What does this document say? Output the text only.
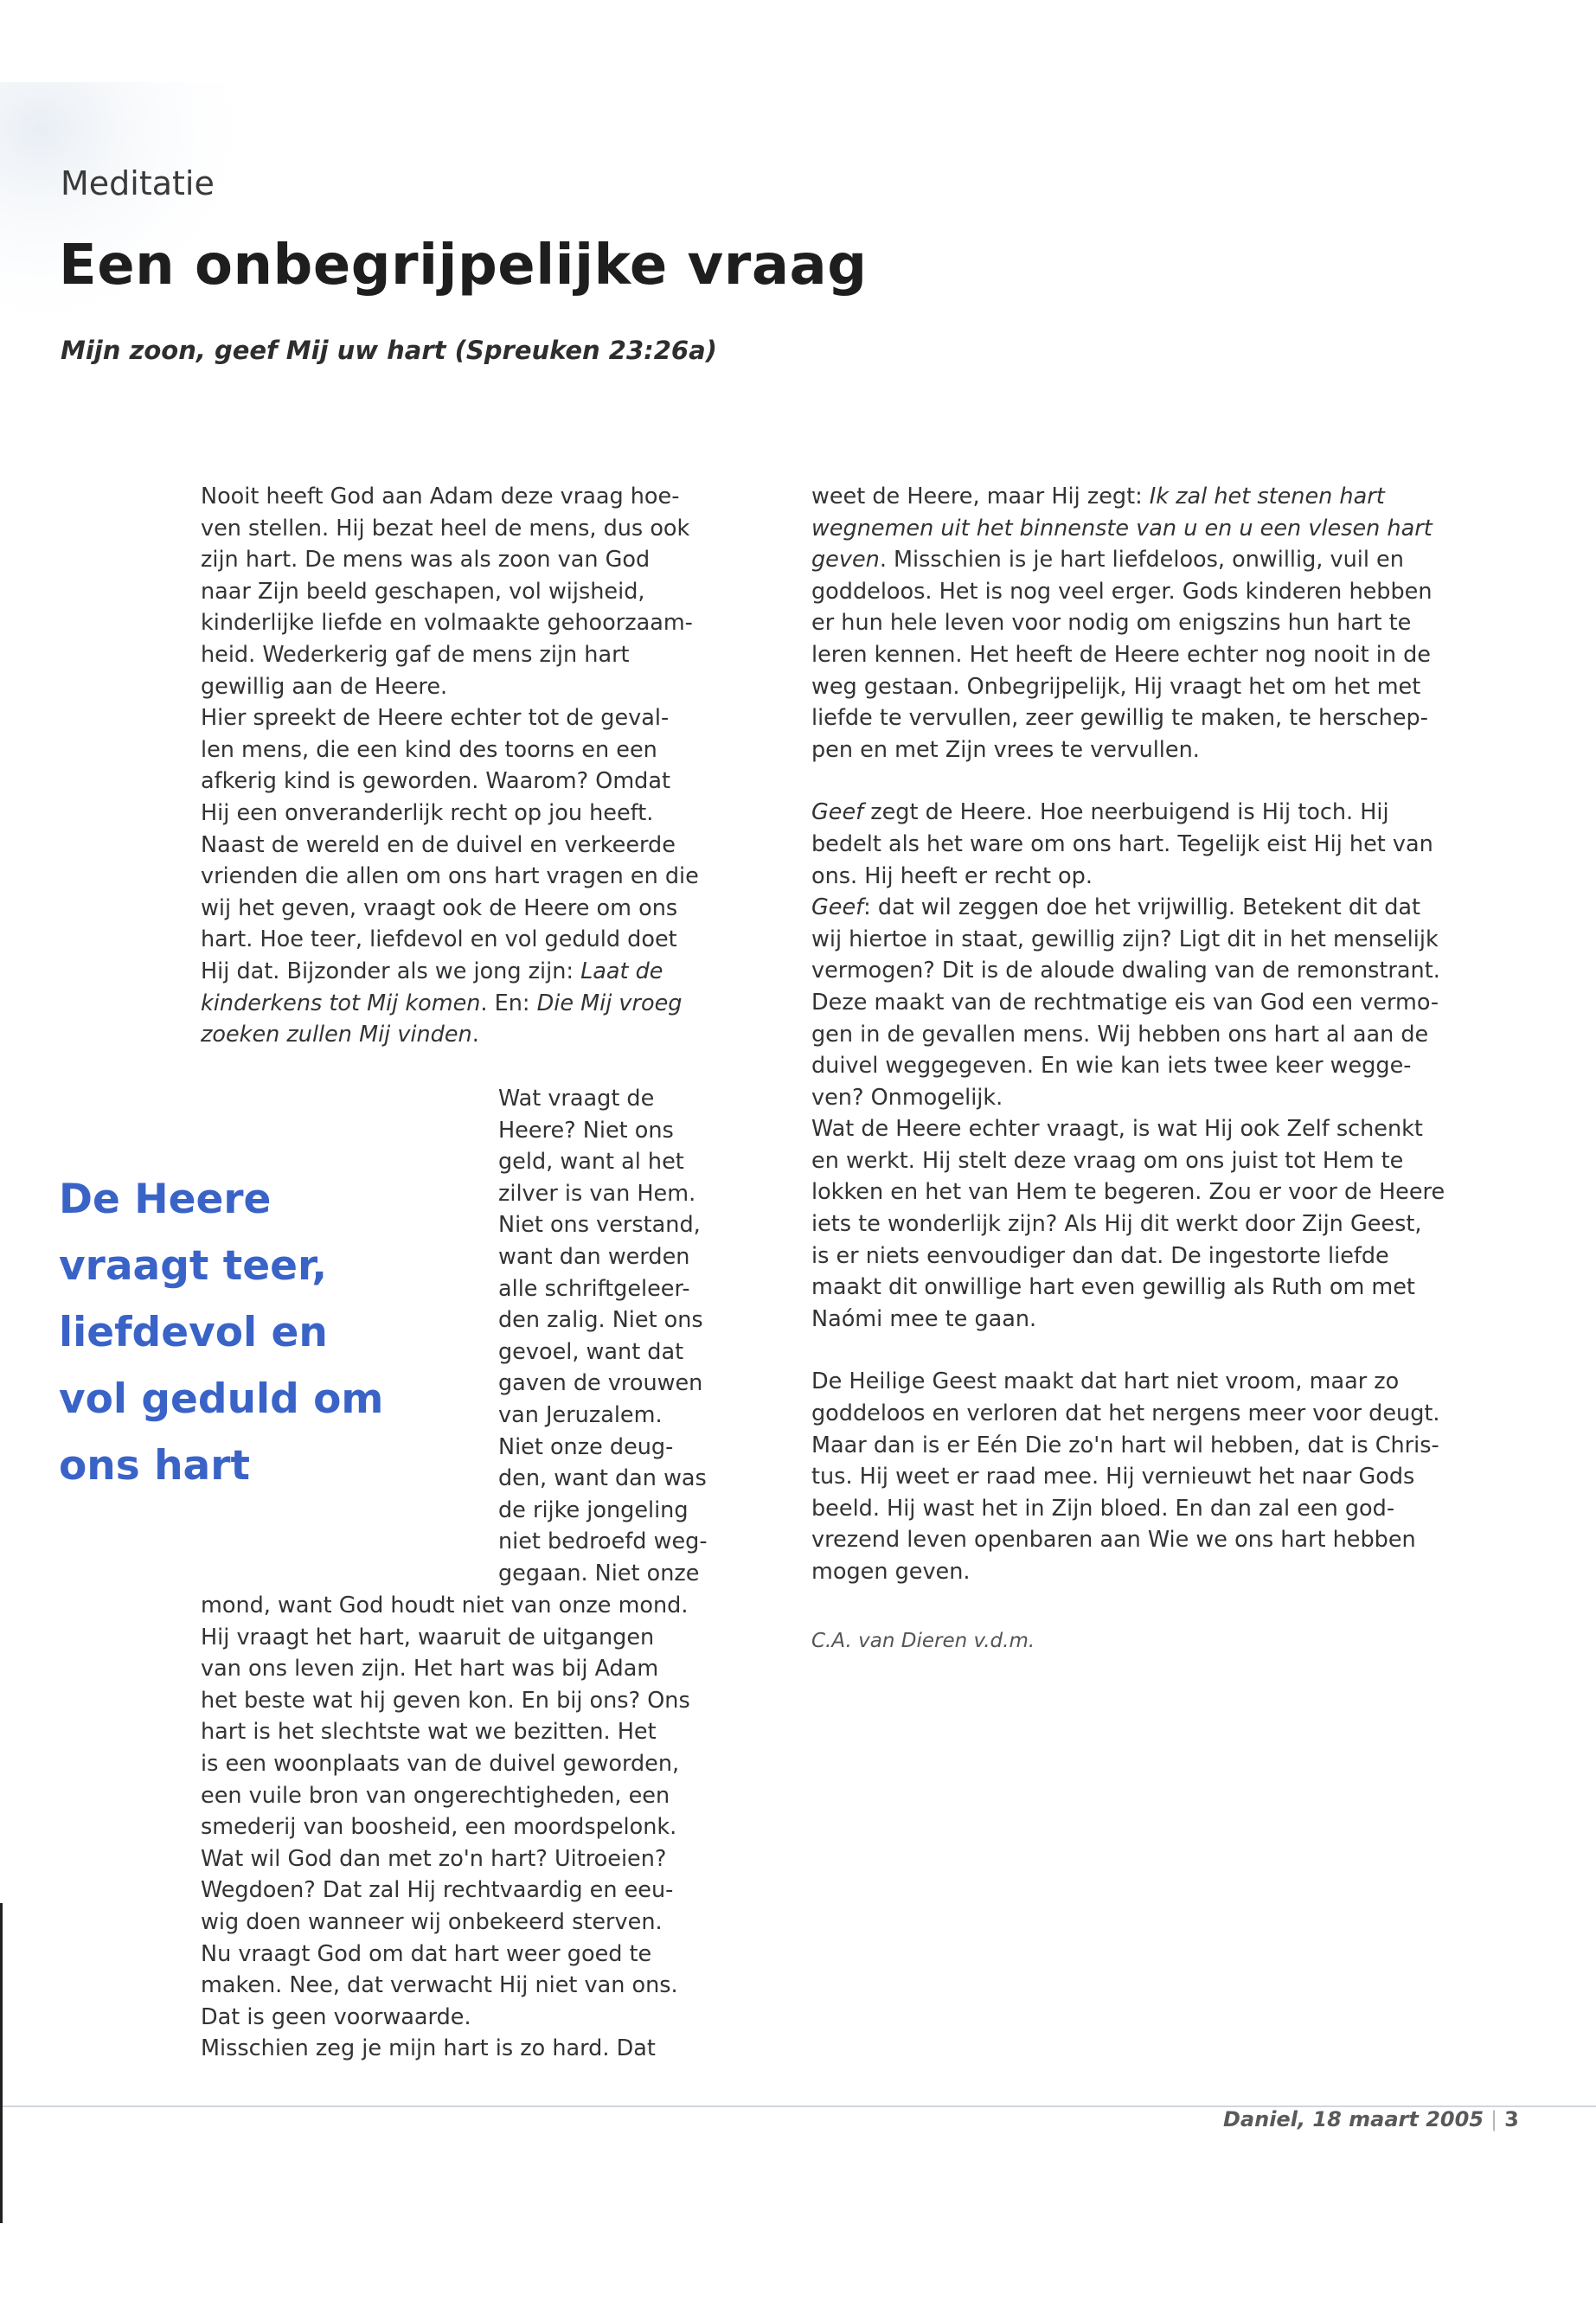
Meditatie
Een onbegrijpelijke vraag
Mijn zoon, geef Mij uw hart (Spreuken 23:26a)
Nooit heeft God aan Adam deze vraag hoe-
ven stellen. Hij bezat heel de mens, dus ook
zijn hart. De mens was als zoon van God
naar Zijn beeld geschapen, vol wijsheid,
kinderlijke liefde en volmaakte gehoorzaam-
heid. Wederkerig gaf de mens zijn hart
gewillig aan de Heere.
Hier spreekt de Heere echter tot de geval-
len mens, die een kind des toorns en een
afkerig kind is geworden. Waarom? Omdat
Hij een onveranderlijk recht op jou heeft.
Naast de wereld en de duivel en verkeerde
vrienden die allen om ons hart vragen en die
wij het geven, vraagt ook de Heere om ons
hart. Hoe teer, liefdevol en vol geduld doet
Hij dat. Bijzonder als we jong zijn: Laat de
kinderkens tot Mij komen. En: Die Mij vroeg
zoeken zullen Mij vinden.
De Heere
vraagt teer,
liefdevol en
vol geduld om
ons hart
Wat vraagt de
Heere? Niet ons
geld, want al het
zilver is van Hem.
Niet ons verstand,
want dan werden
alle schriftgeleer-
den zalig. Niet ons
gevoel, want dat
gaven de vrouwen
van Jeruzalem.
Niet onze deug-
den, want dan was
de rijke jongeling
niet bedroefd weg-
gegaan. Niet onze
mond, want God houdt niet van onze mond.
Hij vraagt het hart, waaruit de uitgangen
van ons leven zijn. Het hart was bij Adam
het beste wat hij geven kon. En bij ons? Ons
hart is het slechtste wat we bezitten. Het
is een woonplaats van de duivel geworden,
een vuile bron van ongerechtigheden, een
smederij van boosheid, een moordspelonk.
Wat wil God dan met zo'n hart? Uitroeien?
Wegdoen? Dat zal Hij rechtvaardig en eeu-
wig doen wanneer wij onbekeerd sterven.
Nu vraagt God om dat hart weer goed te
maken. Nee, dat verwacht Hij niet van ons.
Dat is geen voorwaarde.
Misschien zeg je mijn hart is zo hard. Dat
weet de Heere, maar Hij zegt: Ik zal het stenen hart
wegnemen uit het binnenste van u en u een vlesen hart
geven. Misschien is je hart liefdeloos, onwillig, vuil en
goddeloos. Het is nog veel erger. Gods kinderen hebben
er hun hele leven voor nodig om enigszins hun hart te
leren kennen. Het heeft de Heere echter nog nooit in de
weg gestaan. Onbegrijpelijk, Hij vraagt het om het met
liefde te vervullen, zeer gewillig te maken, te herschep-
pen en met Zijn vrees te vervullen.
Geef zegt de Heere. Hoe neerbuigend is Hij toch. Hij
bedelt als het ware om ons hart. Tegelijk eist Hij het van
ons. Hij heeft er recht op.
Geef: dat wil zeggen doe het vrijwillig. Betekent dit dat
wij hiertoe in staat, gewillig zijn? Ligt dit in het menselijk
vermogen? Dit is de aloude dwaling van de remonstrant.
Deze maakt van de rechtmatige eis van God een vermo-
gen in de gevallen mens. Wij hebben ons hart al aan de
duivel weggegeven. En wie kan iets twee keer wegge-
ven? Onmogelijk.
Wat de Heere echter vraagt, is wat Hij ook Zelf schenkt
en werkt. Hij stelt deze vraag om ons juist tot Hem te
lokken en het van Hem te begeren. Zou er voor de Heere
iets te wonderlijk zijn? Als Hij dit werkt door Zijn Geest,
is er niets eenvoudiger dan dat. De ingestorte liefde
maakt dit onwillige hart even gewillig als Ruth om met
Naómi mee te gaan.
De Heilige Geest maakt dat hart niet vroom, maar zo
goddeloos en verloren dat het nergens meer voor deugt.
Maar dan is er Eén Die zo'n hart wil hebben, dat is Chris-
tus. Hij weet er raad mee. Hij vernieuwt het naar Gods
beeld. Hij wast het in Zijn bloed. En dan zal een god-
vrezend leven openbaren aan Wie we ons hart hebben
mogen geven.
C.A. van Dieren v.d.m.
Daniel, 18 maart 2005 | 3
